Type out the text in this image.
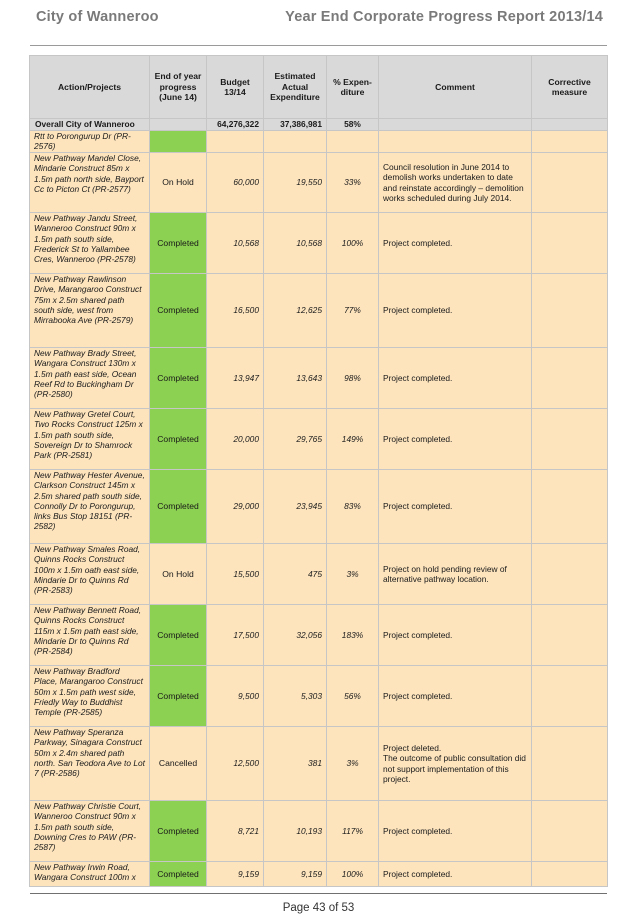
City of Wanneroo	Year End Corporate Progress Report 2013/14
Action/Projects	End of year progress (June 14)	Budget 13/14	Estimated Actual Expenditure	% Expen-diture	Comment	Corrective measure
Overall City of Wanneroo		64,276,322	37,386,981	58%		
Rtt to Porongurup Dr (PR-2576)						
New Pathway Mandel Close, Mindarie Construct 85m x 1.5m path north side, Bayport Cc to Picton Ct (PR-2577)	On Hold	60,000	19,550	33%	Council resolution in June 2014 to demolish works undertaken to date and reinstate accordingly – demolition works scheduled during July 2014.	
New Pathway Jandu Street, Wanneroo Construct 90m x 1.5m path south side, Frederick St to Yallambee Cres, Wanneroo (PR-2578)	Completed	10,568	10,568	100%	Project completed.	
New Pathway Rawlinson Drive, Marangaroo Construct 75m x 2.5m shared path south side, west from Mirrabooka Ave (PR-2579)	Completed	16,500	12,625	77%	Project completed.	
New Pathway Brady Street, Wangara Construct 130m x 1.5m path east side, Ocean Reef Rd to Buckingham Dr (PR-2580)	Completed	13,947	13,643	98%	Project completed.	
New Pathway Gretel Court, Two Rocks Construct 125m x 1.5m path south side, Sovereign Dr to Shamrock Park (PR-2581)	Completed	20,000	29,765	149%	Project completed.	
New Pathway Hester Avenue, Clarkson Construct 145m x 2.5m shared path south side, Connolly Dr to Porongurup, links Bus Stop 18151 (PR-2582)	Completed	29,000	23,945	83%	Project completed.	
New Pathway Smales Road, Quinns Rocks Construct 100m x 1.5m oath east side, Mindarie Dr to Quinns Rd (PR-2583)	On Hold	15,500	475	3%	Project on hold pending review of alternative pathway location.	
New Pathway Bennett Road, Quinns Rocks Construct 115m x 1.5m path east side, Mindarie Dr to Quinns Rd (PR-2584)	Completed	17,500	32,056	183%	Project completed.	
New Pathway Bradford Place, Marangaroo Construct 50m x 1.5m path west side, Friedly Way to Buddhist Temple (PR-2585)	Completed	9,500	5,303	56%	Project completed.	
New Pathway Speranza Parkway, Sinagara Construct 50m x 2.4m shared path north. San Teodora Ave to Lot 7 (PR-2586)	Cancelled	12,500	381	3%	Project deleted.
The outcome of public consultation did not support implementation of this project.	
New Pathway Christie Court, Wanneroo Construct 90m x 1.5m path south side, Downing Cres to PAW (PR-2587)	Completed	8,721	10,193	117%	Project completed.	
New Pathway Irwin Road, Wangara Construct 100m x	Completed	9,159	9,159	100%	Project completed.	
Page 43 of 53
